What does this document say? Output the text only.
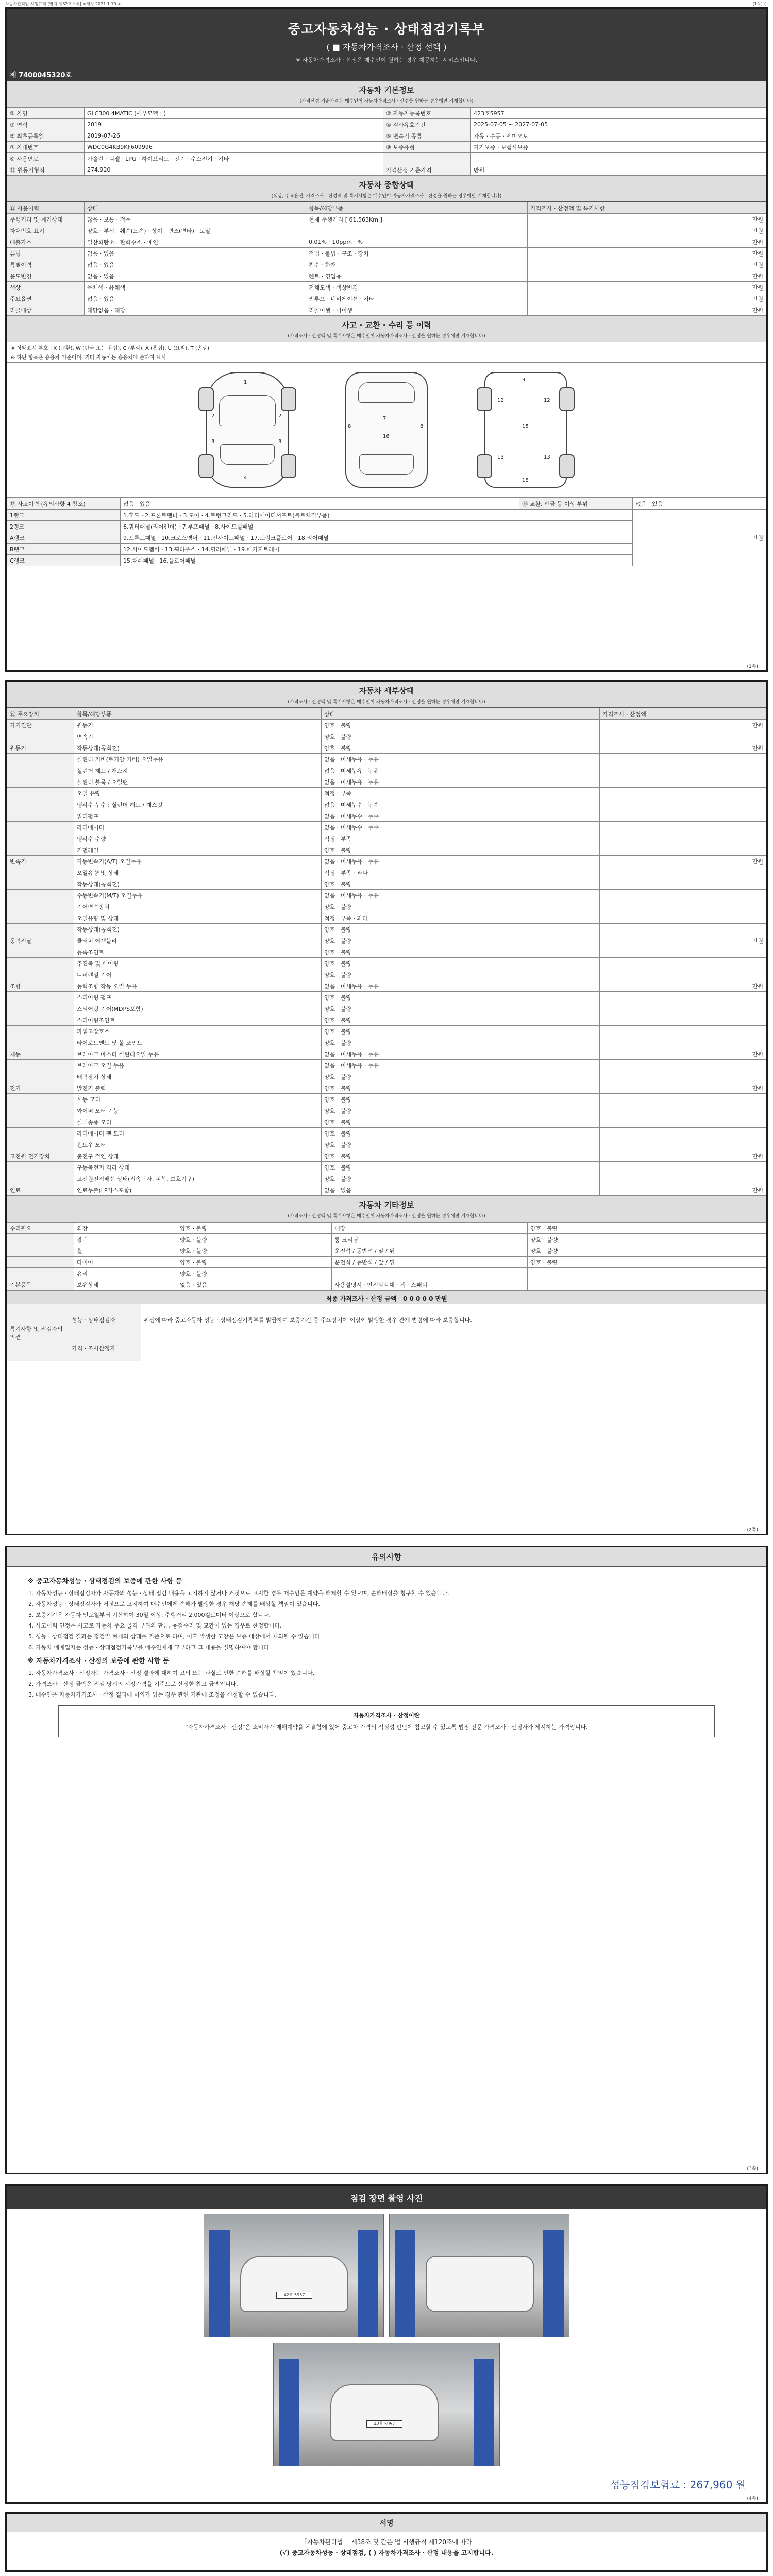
자동차관리법 시행규칙 [별지 제82호서식] <개정 2021.1.19.>	(1쪽) 수
중고자동차성능 · 상태점검기록부
( ■ 자동차가격조사 · 산정 선택 )
※ 자동차가격조사 · 산정은 매수인이 원하는 경우 제공하는 서비스입니다.
제 7400045320호
자동차 기본정보
(가격산정 기준가격은 매수인이 자동차가격조사 · 산정을 원하는 경우에만 기재합니다)
① 차명	GLC300 4MATIC (세부모델 : )	② 자동차등록번호	423호5957
③ 연식	2019	④ 검사유효기간	2025-07-05 ~ 2027-07-05
⑤ 최초등록일	2019-07-26	⑥ 변속기 종류	자동 · 수동 · 세미오토
⑦ 차대번호	WDC0G4KB9KF609996	⑧ 보증유형	자가보증 · 보험사보증
⑨ 사용연료	가솔린 · 디젤 · LPG · 하이브리드 · 전기 · 수소전기 · 기타		
⑪ 원동기형식	274.920	가격산정 기준가격	만원
자동차 종합상태
(색상, 주요옵션, 가격조사 · 산정액 및 특기사항은 매수인이 자동차가격조사 · 산정을 원하는 경우에만 기재합니다)
⑫ 사용이력	상태	항목/해당부품	가격조사 · 산정액 및 특기사항
주행거리 및 계기상태	많음 · 보통 · 적음	현재 주행거리 [ 61,563Km ]	만원
차대번호 표기	양호 · 부식 · 훼손(오손) · 상이 · 변조(변타) · 도말		만원
배출가스	일산화탄소 · 탄화수소 · 매연	0.01% · 10ppm · %	만원
튜닝	없음 · 있음	적법 · 불법 · 구조 · 장치	만원
특별이력	없음 · 있음	침수 · 화재	만원
용도변경	없음 · 있음	렌트 · 영업용	만원
색상	무채색 · 유채색	전체도색 · 색상변경	만원
주요옵션	없음 · 있음	썬루프 · 네비게이션 · 기타	만원
리콜대상	해당없음 · 해당	리콜이행 · 미이행	만원
사고 · 교환 · 수리 등 이력
(가격조사 · 산정액 및 특기사항은 매수인이 자동차가격조사 · 산정을 원하는 경우에만 기재합니다)
※ 상태표시 부호 : X (교환), W (판금 또는 용접), C (부식), A (흠집), U (요철), T (손상)
※ 하단 항목은 승용차 기준이며, 기타 자동차는 승용차에 준하여 표시
1
2	2
3	3
4
7
16
8	8
9
12	12
15
13	13
18
⑬ 사고이력 (유의사항 4 참조)	없음 · 있음	⑭ 교환, 판금 등 이상 부위	없음 · 있음
1랭크	1.후드 · 2.프론트펜더 · 3.도어 · 4.트렁크리드 · 5.라디에이터서포트(볼트체결부품)		만원
2랭크	6.쿼터패널(리어펜더) · 7.루프패널 · 8.사이드실패널		
A랭크	9.프론트패널 · 10.크로스멤버 · 11.인사이드패널 · 17.트렁크플로어 · 18.리어패널		
B랭크	12.사이드멤버 · 13.휠하우스 · 14.필러패널 · 19.패키지트레이		
C랭크	15.대쉬패널 · 16.플로어패널		
(1쪽)
자동차 세부상태
(가격조사 · 산정액 및 특기사항은 매수인이 자동차가격조사 · 산정을 원하는 경우에만 기재합니다)
⑮ 주요장치	항목/해당부품	상태	가격조사 · 산정액
자기진단	원동기	양호 · 불량	만원
	변속기	양호 · 불량	
원동기	작동상태(공회전)	양호 · 불량	만원
	실린더 커버(로커암 커버) 오일누유	없음 · 미세누유 · 누유	
	실린더 헤드 / 개스킷	없음 · 미세누유 · 누유	
	실린더 블록 / 오일팬	없음 · 미세누유 · 누유	
	오일 유량	적정 · 부족	
	냉각수 누수 : 실린더 헤드 / 개스킷	없음 · 미세누수 · 누수	
	워터펌프	없음 · 미세누수 · 누수	
	라디에이터	없음 · 미세누수 · 누수	
	냉각수 수량	적정 · 부족	
	커먼레일	양호 · 불량	
변속기	자동변속기(A/T) 오일누유	없음 · 미세누유 · 누유	만원
	오일유량 및 상태	적정 · 부족 · 과다	
	작동상태(공회전)	양호 · 불량	
	수동변속기(M/T) 오일누유	없음 · 미세누유 · 누유	
	기어변속장치	양호 · 불량	
	오일유량 및 상태	적정 · 부족 · 과다	
	작동상태(공회전)	양호 · 불량	
동력전달	클러치 어셈블리	양호 · 불량	만원
	등속조인트	양호 · 불량	
	추진축 및 베어링	양호 · 불량	
	디퍼렌셜 기어	양호 · 불량	
조향	동력조향 작동 오일 누유	없음 · 미세누유 · 누유	만원
	스티어링 펌프	양호 · 불량	
	스티어링 기어(MDPS포함)	양호 · 불량	
	스티어링조인트	양호 · 불량	
	파워고압호스	양호 · 불량	
	타이로드엔드 및 볼 조인트	양호 · 불량	
제동	브레이크 마스터 실린더오일 누유	없음 · 미세누유 · 누유	만원
	브레이크 오일 누유	없음 · 미세누유 · 누유	
	배력장치 상태	양호 · 불량	
전기	발전기 출력	양호 · 불량	만원
	시동 모터	양호 · 불량	
	와이퍼 모터 기능	양호 · 불량	
	실내송풍 모터	양호 · 불량	
	라디에이터 팬 모터	양호 · 불량	
	윈도우 모터	양호 · 불량	
고전원 전기장치	충전구 절연 상태	양호 · 불량	만원
	구동축전지 격리 상태	양호 · 불량	
	고전원전기배선 상태(접속단자, 피복, 보호기구)	양호 · 불량	
연료	연료누출(LP가스포함)	없음 · 있음	만원
자동차 기타정보
(가격조사 · 산정액 및 특기사항은 매수인이 자동차가격조사 · 산정을 원하는 경우에만 기재합니다)
수리필요	외장	양호 · 불량	내장	양호 · 불량
	광택	양호 · 불량	룸 크리닝	양호 · 불량
	휠	양호 · 불량	운전석 / 동반석 / 앞 / 뒤	양호 · 불량
	타이어	양호 · 불량	운전석 / 동반석 / 앞 / 뒤	양호 · 불량
	유리	양호 · 불량		
기본품목	보유상태	없음 · 있음	사용설명서 · 안전삼각대 · 잭 · 스패너	
최종 가격조사 · 산정 금액 0 0 0 0 0 만원
특기사항 및 점검자의 의견	성능 · 상태점검자	위점에 따라 중고자동차 성능 · 상태점검기록부를 발급하며 보증기간 중 주요장치에 이상이 발생한 경우 관계 법령에 따라 보증합니다.
	가격 · 조사산정자	
(2쪽)
유의사항
※ 중고자동차성능 · 상태점검의 보증에 관한 사항 등
1. 자동차성능 · 상태점검자가 자동차의 성능 · 상태 점검 내용을 고지하지 않거나 거짓으로 고지한 경우 매수인은 계약을 해제할 수 있으며, 손해배상을 청구할 수 있습니다.
2. 자동차성능 · 상태점검자가 거짓으로 고지하여 매수인에게 손해가 발생한 경우 해당 손해를 배상할 책임이 있습니다.
3. 보증기간은 자동차 인도일부터 기산하여 30일 이상, 주행거리 2,000킬로미터 이상으로 합니다.
4. 사고이력 인정은 사고로 자동차 주요 골격 부위의 판금, 용접수리 및 교환이 있는 경우로 한정합니다.
5. 성능 · 상태점검 결과는 점검일 현재의 상태를 기준으로 하며, 이후 발생한 고장은 보증 대상에서 제외될 수 있습니다.
6. 자동차 매매업자는 성능 · 상태점검기록부를 매수인에게 교부하고 그 내용을 설명하여야 합니다.
※ 자동차가격조사 · 산정의 보증에 관한 사항 등
1. 자동차가격조사 · 산정자는 가격조사 · 산정 결과에 대하여 고의 또는 과실로 인한 손해를 배상할 책임이 있습니다.
2. 가격조사 · 산정 금액은 점검 당시의 시장가격을 기준으로 산정한 참고 금액입니다.
3. 매수인은 자동차가격조사 · 산정 결과에 이의가 있는 경우 관련 기관에 조정을 신청할 수 있습니다.
자동차가격조사 · 산정이란
"자동차가격조사 · 산정"은 소비자가 매매계약을 체결함에 있어 중고차 가격의 적정성 판단에 참고할 수 있도록 법정 전문 가격조사 · 산정자가 제시하는 가격입니다.
(3쪽)
점검 장면 촬영 사진
42호 5957
42호 5957
성능점검보험료 : 267,960 원
(4쪽)
서명
「자동차관리법」 제58조 및 같은 법 시행규칙 제120조에 따라
(√) 중고자동차성능 · 상태점검, ( ) 자동차가격조사 · 산정 내용을 고지합니다.
